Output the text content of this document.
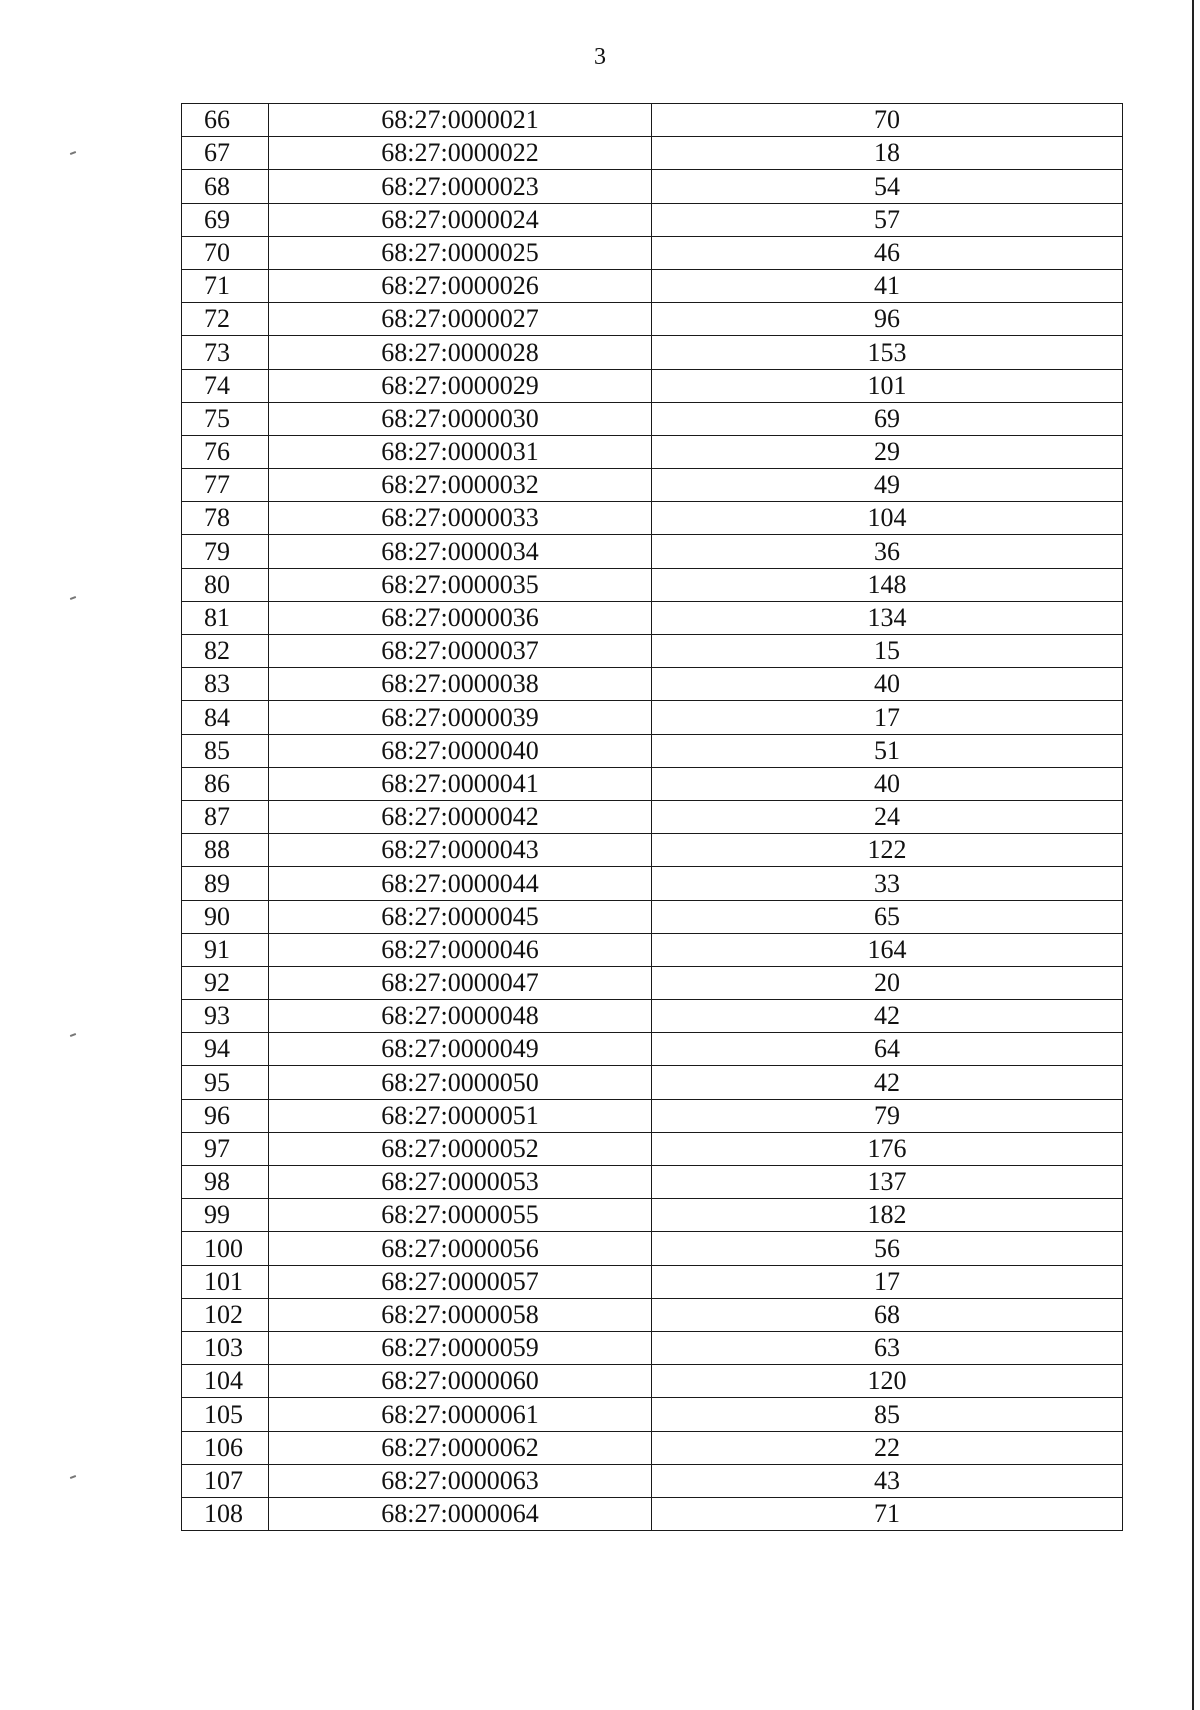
3
66	68:27:0000021	70
67	68:27:0000022	18
68	68:27:0000023	54
69	68:27:0000024	57
70	68:27:0000025	46
71	68:27:0000026	41
72	68:27:0000027	96
73	68:27:0000028	153
74	68:27:0000029	101
75	68:27:0000030	69
76	68:27:0000031	29
77	68:27:0000032	49
78	68:27:0000033	104
79	68:27:0000034	36
80	68:27:0000035	148
81	68:27:0000036	134
82	68:27:0000037	15
83	68:27:0000038	40
84	68:27:0000039	17
85	68:27:0000040	51
86	68:27:0000041	40
87	68:27:0000042	24
88	68:27:0000043	122
89	68:27:0000044	33
90	68:27:0000045	65
91	68:27:0000046	164
92	68:27:0000047	20
93	68:27:0000048	42
94	68:27:0000049	64
95	68:27:0000050	42
96	68:27:0000051	79
97	68:27:0000052	176
98	68:27:0000053	137
99	68:27:0000055	182
100	68:27:0000056	56
101	68:27:0000057	17
102	68:27:0000058	68
103	68:27:0000059	63
104	68:27:0000060	120
105	68:27:0000061	85
106	68:27:0000062	22
107	68:27:0000063	43
108	68:27:0000064	71
